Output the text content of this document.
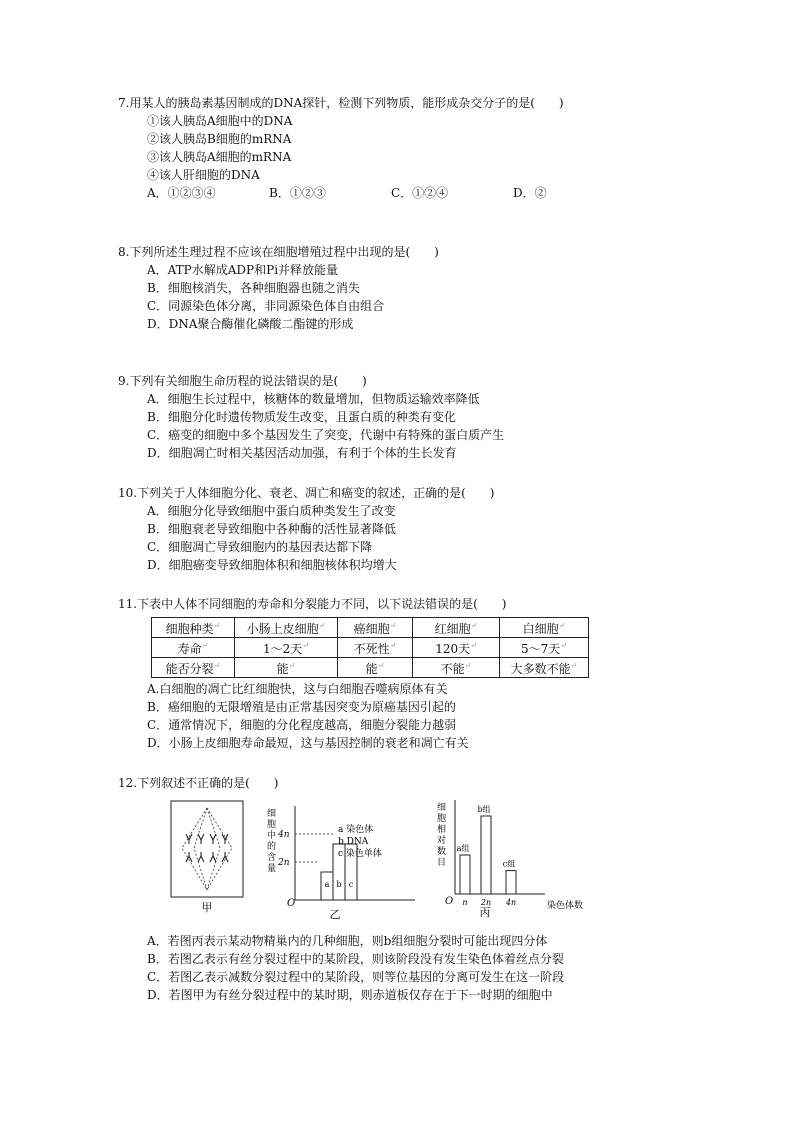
7.用某人的胰岛素基因制成的DNA探针，检测下列物质，能形成杂交分子的是(　　)
①该人胰岛A细胞中的DNA
②该人胰岛B细胞的mRNA
③该人胰岛A细胞的mRNA
④该人肝细胞的DNA
A．①②③④	B．①②③	C．①②④	D．②
8.下列所述生理过程不应该在细胞增殖过程中出现的是(　　)
A．ATP水解成ADP和Pi并释放能量
B．细胞核消失，各种细胞器也随之消失
C．同源染色体分离，非同源染色体自由组合
D．DNA聚合酶催化磷酸二酯键的形成
9.下列有关细胞生命历程的说法错误的是(　　)
A．细胞生长过程中，核糖体的数量增加，但物质运输效率降低
B．细胞分化时遗传物质发生改变，且蛋白质的种类有变化
C．癌变的细胞中多个基因发生了突变，代谢中有特殊的蛋白质产生
D．细胞凋亡时相关基因活动加强，有利于个体的生长发育
10.下列关于人体细胞分化、衰老、凋亡和癌变的叙述，正确的是(　　)
A．细胞分化导致细胞中蛋白质种类发生了改变
B．细胞衰老导致细胞中各种酶的活性显著降低
C．细胞凋亡导致细胞内的基因表达都下降
D．细胞癌变导致细胞体积和细胞核体积均增大
11.下表中人体不同细胞的寿命和分裂能力不同，以下说法错误的是(　　)
细胞种类↵	小肠上皮细胞↵	癌细胞↵	红细胞↵	白细胞↵
寿命↵	1～2天↵	不死性↵	120天↵	5～7天↵
能否分裂↵	能↵	能↵	不能↵	大多数不能↵
A.白细胞的凋亡比红细胞快，这与白细胞吞噬病原体有关
B．癌细胞的无限增殖是由正常基因突变为原癌基因引起的
C．通常情况下，细胞的分化程度越高，细胞分裂能力越弱
D．小肠上皮细胞寿命最短，这与基因控制的衰老和凋亡有关
12.下列叙述不正确的是(　　)
甲
细胞中的含量
O
2n
4n
a b c
a 染色体
b DNA
c 染色单体
乙
细胞相对数目
O	染色体数
a组
n
b组
2n
c组
4n
丙
A．若图丙表示某动物精巢内的几种细胞，则b组细胞分裂时可能出现四分体
B．若图乙表示有丝分裂过程中的某阶段，则该阶段没有发生染色体着丝点分裂
C．若图乙表示减数分裂过程中的某阶段，则等位基因的分离可发生在这一阶段
D．若图甲为有丝分裂过程中的某时期，则赤道板仅存在于下一时期的细胞中
